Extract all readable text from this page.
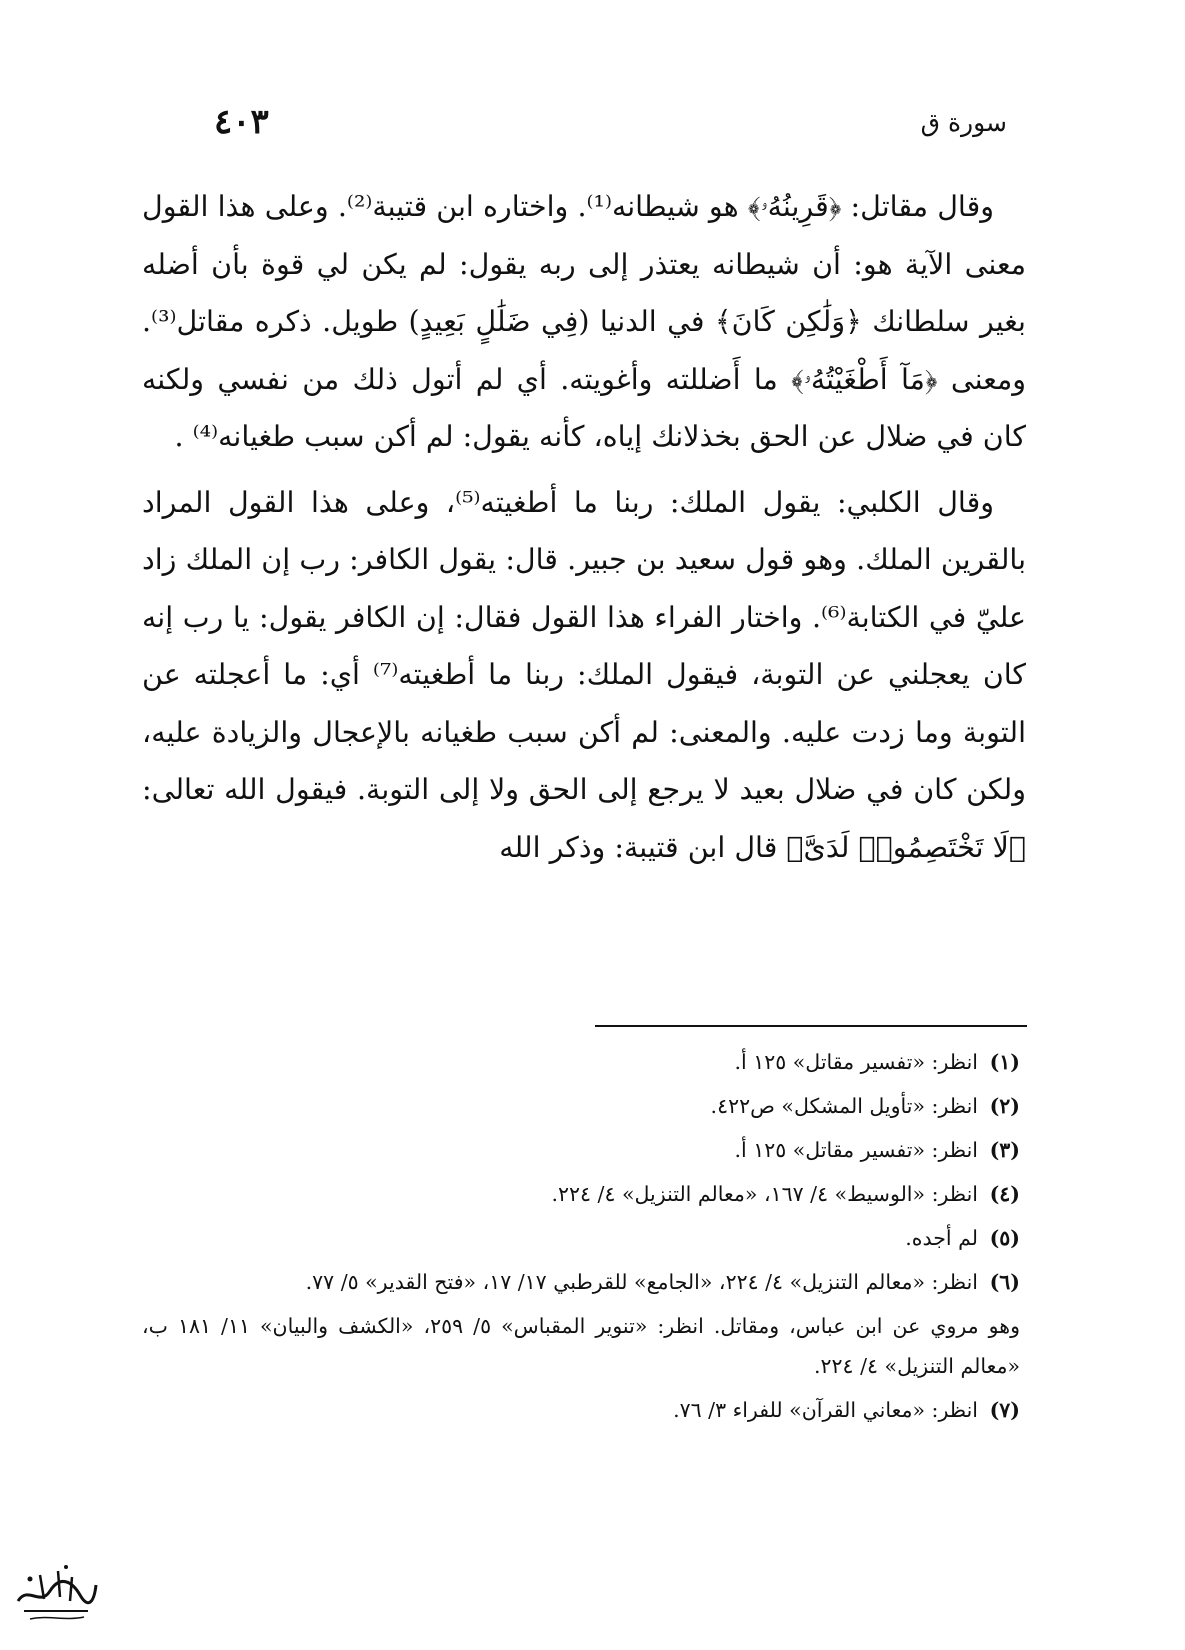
سورة ق
٤٠٣

وقال مقاتل: ﴿قَرِينُهُۥ﴾ هو شيطانه⁽¹⁾. واختاره ابن قتيبة⁽²⁾. وعلى هذا القول معنى الآية هو: أن شيطانه يعتذر إلى ربه يقول: لم يكن لي قوة بأن أضله بغير سلطانك ﴿وَلَٰكِن كَانَ﴾ في الدنيا (فِي ضَلَٰلٍ بَعِيدٍ) طويل. ذكره مقاتل⁽³⁾. ومعنى ﴿مَآ أَطْغَيْتُهُۥ﴾ ما أَضللته وأغويته. أي لم أتول ذلك من نفسي ولكنه كان في ضلال عن الحق بخذلانك إياه، كأنه يقول: لم أكن سبب طغيانه⁽⁴⁾ .

وقال الكلبي: يقول الملك: ربنا ما أطغيته⁽⁵⁾، وعلى هذا القول المراد بالقرين الملك. وهو قول سعيد بن جبير. قال: يقول الكافر: رب إن الملك زاد عليّ في الكتابة⁽⁶⁾. واختار الفراء هذا القول فقال: إن الكافر يقول: يا رب إنه كان يعجلني عن التوبة، فيقول الملك: ربنا ما أطغيته⁽⁷⁾ أي: ما أعجلته عن التوبة وما زدت عليه. والمعنى: لم أكن سبب طغيانه بالإعجال والزيادة عليه، ولكن كان في ضلال بعيد لا يرجع إلى الحق ولا إلى التوبة. فيقول الله تعالى: ﴿لَا تَخْتَصِمُوا۟ لَدَىَّ﴾ قال ابن قتيبة: وذكر الله

(١)
انظر: «تفسير مقاتل» ١٢٥ أ.
(٢)
انظر: «تأويل المشكل» ص٤٢٢.
(٣)
انظر: «تفسير مقاتل» ١٢٥ أ.
(٤)
انظر: «الوسيط» ٤/ ١٦٧، «معالم التنزيل» ٤/ ٢٢٤.
(٥)
لم أجده.
(٦)
انظر: «معالم التنزيل» ٤/ ٢٢٤، «الجامع» للقرطبي ١٧/ ١٧، «فتح القدير» ٥/ ٧٧.
وهو مروي عن ابن عباس، ومقاتل. انظر: «تنوير المقباس» ٥/ ٢٥٩، «الكشف والبيان» ١١/ ١٨١ ب، «معالم التنزيل» ٤/ ٢٢٤.
(٧)
انظر: «معاني القرآن» للفراء ٣/ ٧٦.
